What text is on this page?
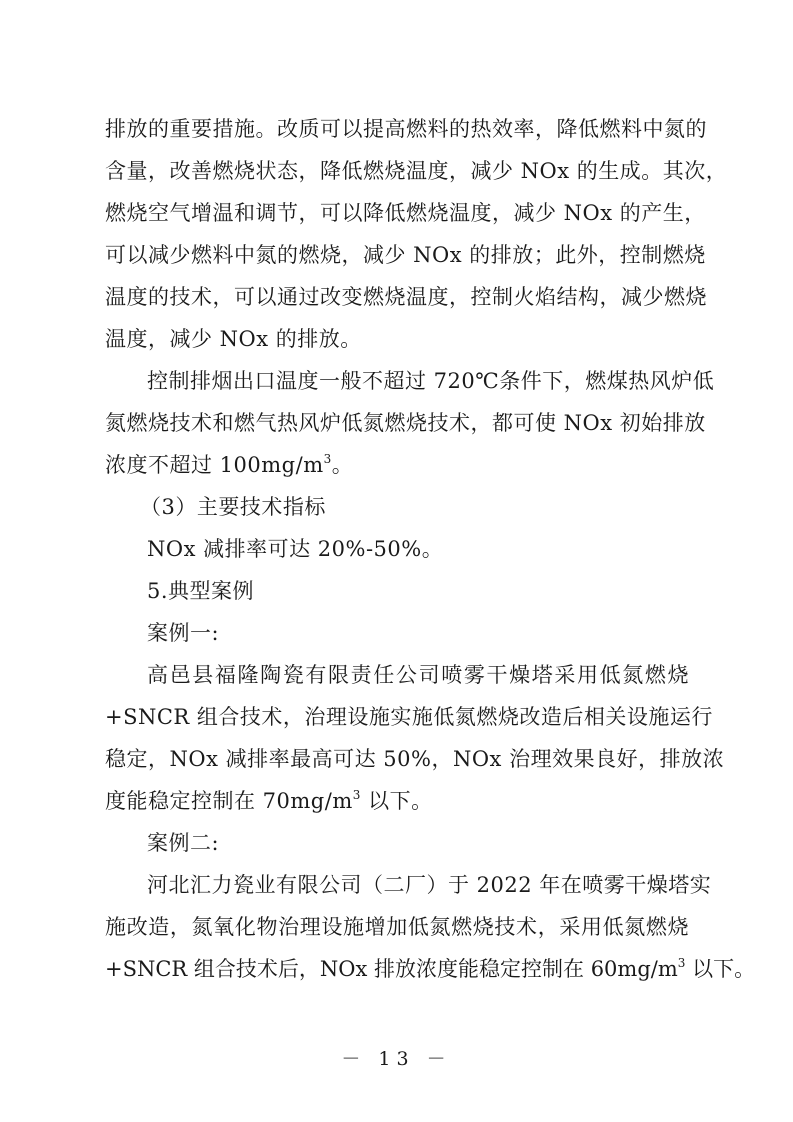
排放的重要措施。改质可以提高燃料的热效率，降低燃料中氮的
含量，改善燃烧状态，降低燃烧温度，减少 NOx 的生成。其次，
燃烧空气增温和调节，可以降低燃烧温度，减少 NOx 的产生，
可以减少燃料中氮的燃烧，减少 NOx 的排放；此外，控制燃烧
温度的技术，可以通过改变燃烧温度，控制火焰结构，减少燃烧
温度，减少 NOx 的排放。
控制排烟出口温度一般不超过 720℃条件下，燃煤热风炉低
氮燃烧技术和燃气热风炉低氮燃烧技术，都可使 NOx 初始排放
浓度不超过 $100mg/m^3$。
（3）主要技术指标
NOx 减排率可达 20%-50%。
5.典型案例
案例一:
高邑县福隆陶瓷有限责任公司喷雾干燥塔采用低氮燃烧
+SNCR 组合技术，治理设施实施低氮燃烧改造后相关设施运行
稳定，NOx 减排率最高可达 50%，NOx 治理效果良好，排放浓
度能稳定控制在 $70mg/m^3$ 以下。
案例二:
河北汇力瓷业有限公司（二厂）于 2022 年在喷雾干燥塔实
施改造，氮氧化物治理设施增加低氮燃烧技术，采用低氮燃烧
+SNCR 组合技术后，NOx 排放浓度能稳定控制在 $60mg/m^3$ 以下。
－ 13 －
